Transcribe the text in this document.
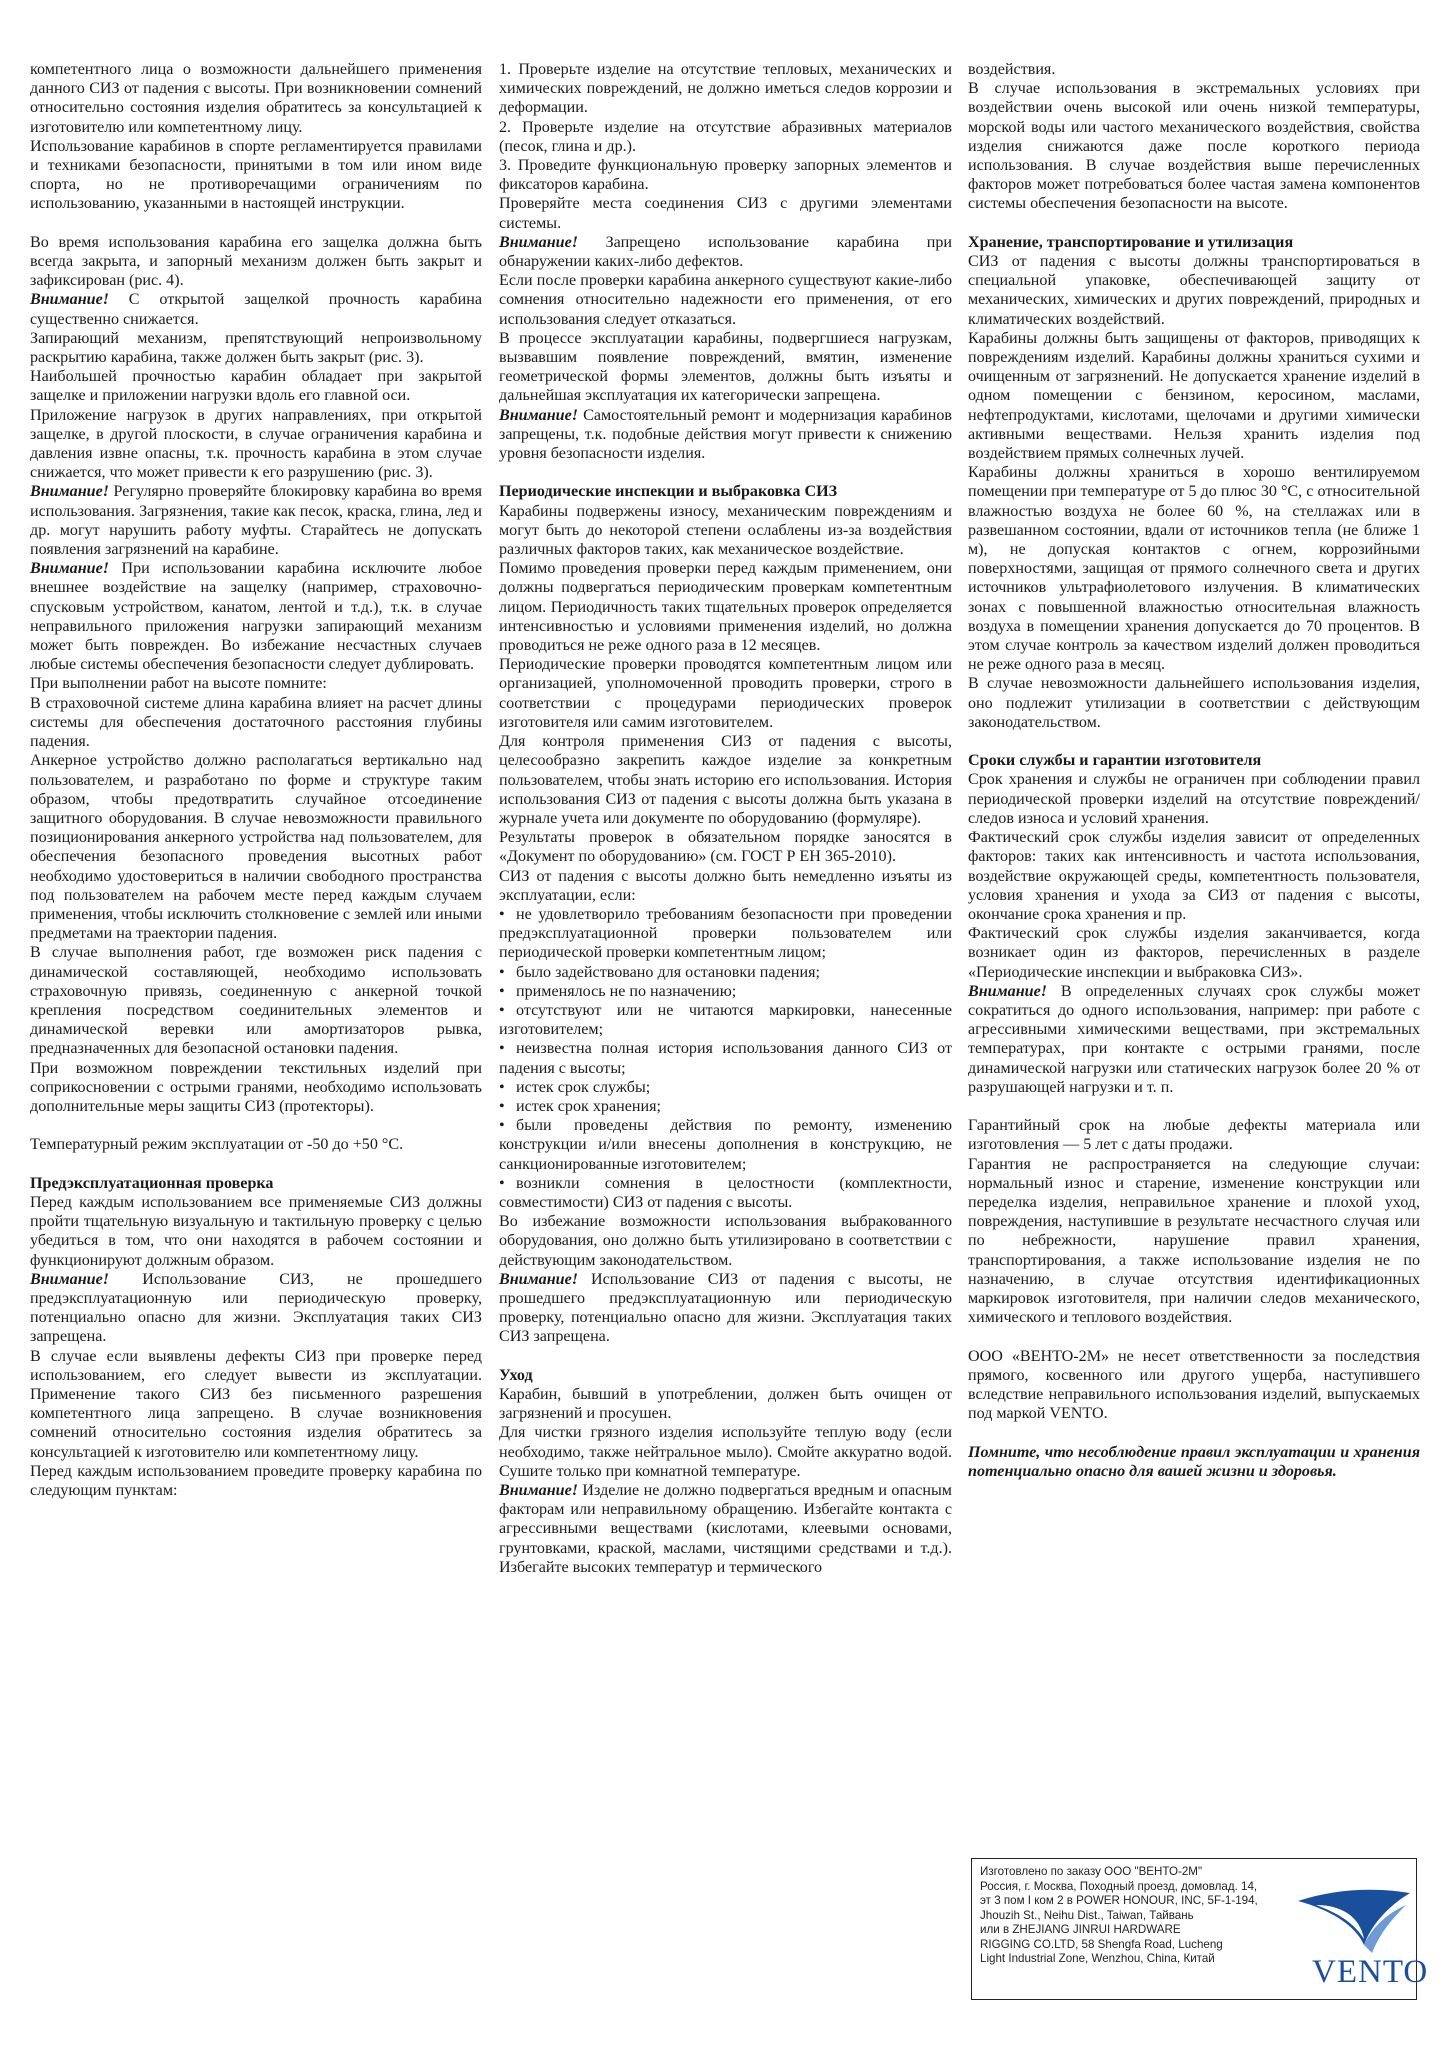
компетентного лица о возможности дальнейшего применения данного СИЗ от падения с высоты. При возникновении сомнений относительно состояния изделия обратитесь за консультацией к изготовителю или компетентному лицу.

Использование карабинов в спорте регламентируется правилами и техниками безопасности, принятыми в том или ином виде спорта, но не противоречащими ограничениям по использованию, указанными в настоящей инструкции.

Во время использования карабина его защелка должна быть всегда закрыта, и запорный механизм должен быть закрыт и зафиксирован (рис. 4).

Внимание! С открытой защелкой прочность карабина существенно снижается.

Запирающий механизм, препятствующий непроизвольному раскрытию карабина, также должен быть закрыт (рис. 3).

Наибольшей прочностью карабин обладает при закрытой защелке и приложении нагрузки вдоль его главной оси.

Приложение нагрузок в других направлениях, при открытой защелке, в другой плоскости, в случае ограничения карабина и давления извне опасны, т.к. прочность карабина в этом случае снижается, что может привести к его разрушению (рис. 3).

Внимание! Регулярно проверяйте блокировку карабина во время использования. Загрязнения, такие как песок, краска, глина, лед и др. могут нарушить работу муфты. Старайтесь не допускать появления загрязнений на карабине.

Внимание! При использовании карабина исключите любое внешнее воздействие на защелку (например, страховочно-спусковым устройством, канатом, лентой и т.д.), т.к. в случае неправильного приложения нагрузки запирающий механизм может быть поврежден. Во избежание несчастных случаев любые системы обеспечения безопасности следует дублировать.

При выполнении работ на высоте помните:

В страховочной системе длина карабина влияет на расчет длины системы для обеспечения достаточного расстояния глубины падения.

Анкерное устройство должно располагаться вертикально над пользователем, и разработано по форме и структуре таким образом, чтобы предотвратить случайное отсоединение защитного оборудования. В случае невозможности правильного позиционирования анкерного устройства над пользователем, для обеспечения безопасного проведения высотных работ необходимо удостовериться в наличии свободного пространства под пользователем на рабочем месте перед каждым случаем применения, чтобы исключить столкновение с землей или иными предметами на траектории падения.

В случае выполнения работ, где возможен риск падения с динамической составляющей, необходимо использовать страховочную привязь, соединенную с анкерной точкой крепления посредством соединительных элементов и динамической веревки или амортизаторов рывка, предназначенных для безопасной остановки падения.

При возможном повреждении текстильных изделий при соприкосновении с острыми гранями, необходимо использовать дополнительные меры защиты СИЗ (протекторы).

Температурный режим эксплуатации от -50 до +50 °С.

Предэксплуатационная проверка

Перед каждым использованием все применяемые СИЗ должны пройти тщательную визуальную и тактильную проверку с целью убедиться в том, что они находятся в рабочем состоянии и функционируют должным образом.

Внимание! Использование СИЗ, не прошедшего предэксплуатационную или периодическую проверку, потенциально опасно для жизни. Эксплуатация таких СИЗ запрещена.

В случае если выявлены дефекты СИЗ при проверке перед использованием, его следует вывести из эксплуатации. Применение такого СИЗ без письменного разрешения компетентного лица запрещено. В случае возникновения сомнений относительно состояния изделия обратитесь за консультацией к изготовителю или компетентному лицу.

Перед каждым использованием проведите проверку карабина по следующим пунктам:

1. Проверьте изделие на отсутствие тепловых, механических и химических повреждений, не должно иметься следов коррозии и деформации.

2. Проверьте изделие на отсутствие абразивных материалов (песок, глина и др.).

3. Проведите функциональную проверку запорных элементов и фиксаторов карабина.

Проверяйте места соединения СИЗ с другими элементами системы.

Внимание! Запрещено использование карабина при обнаружении каких-либо дефектов.

Если после проверки карабина анкерного существуют какие-либо сомнения относительно надежности его применения, от его использования следует отказаться.

В процессе эксплуатации карабины, подвергшиеся нагрузкам, вызвавшим появление повреждений, вмятин, изменение геометрической формы элементов, должны быть изъяты и дальнейшая эксплуатация их категорически запрещена.

Внимание! Самостоятельный ремонт и модернизация карабинов запрещены, т.к. подобные действия могут привести к снижению уровня безопасности изделия.

Периодические инспекции и выбраковка СИЗ

Карабины подвержены износу, механическим повреждениям и могут быть до некоторой степени ослаблены из-за воздействия различных факторов таких, как механическое воздействие.

Помимо проведения проверки перед каждым применением, они должны подвергаться периодическим проверкам компетентным лицом. Периодичность таких тщательных проверок определяется интенсивностью и условиями применения изделий, но должна проводиться не реже одного раза в 12 месяцев.

Периодические проверки проводятся компетентным лицом или организацией, уполномоченной проводить проверки, строго в соответствии с процедурами периодических проверок изготовителя или самим изготовителем.

Для контроля применения СИЗ от падения с высоты, целесообразно закрепить каждое изделие за конкретным пользователем, чтобы знать историю его использования. История использования СИЗ от падения с высоты должна быть указана в журнале учета или документе по оборудованию (формуляре).

Результаты проверок в обязательном порядке заносятся в «Документ по оборудованию» (см. ГОСТ Р ЕН 365-2010).

СИЗ от падения с высоты должно быть немедленно изъяты из эксплуатации, если:

• не удовлетворило требованиям безопасности при проведении предэксплуатационной проверки пользователем или периодической проверки компетентным лицом;
• было задействовано для остановки падения;
• применялось не по назначению;
• отсутствуют или не читаются маркировки, нанесенные изготовителем;
• неизвестна полная история использования данного СИЗ от падения с высоты;
• истек срок службы;
• истек срок хранения;
• были проведены действия по ремонту, изменению конструкции и/или внесены дополнения в конструкцию, не санкционированные изготовителем;
• возникли сомнения в целостности (комплектности, совместимости) СИЗ от падения с высоты.

Во избежание возможности использования выбракованного оборудования, оно должно быть утилизировано в соответствии с действующим законодательством.

Внимание! Использование СИЗ от падения с высоты, не прошедшего предэксплуатационную или периодическую проверку, потенциально опасно для жизни. Эксплуатация таких СИЗ запрещена.

Уход

Карабин, бывший в употреблении, должен быть очищен от загрязнений и просушен.

Для чистки грязного изделия используйте теплую воду (если необходимо, также нейтральное мыло). Смойте аккуратно водой. Сушите только при комнатной температуре.

Внимание! Изделие не должно подвергаться вредным и опасным факторам или неправильному обращению. Избегайте контакта с агрессивными веществами (кислотами, клеевыми основами, грунтовками, краской, маслами, чистящими средствами и т.д.). Избегайте высоких температур и термического

воздействия.

В случае использования в экстремальных условиях при воздействии очень высокой или очень низкой температуры, морской воды или частого механического воздействия, свойства изделия снижаются даже после короткого периода использования. В случае воздействия выше перечисленных факторов может потребоваться более частая замена компонентов системы обеспечения безопасности на высоте.

Хранение, транспортирование и утилизация

СИЗ от падения с высоты должны транспортироваться в специальной упаковке, обеспечивающей защиту от механических, химических и других повреждений, природных и климатических воздействий.

Карабины должны быть защищены от факторов, приводящих к повреждениям изделий. Карабины должны храниться сухими и очищенным от загрязнений. Не допускается хранение изделий в одном помещении с бензином, керосином, маслами, нефтепродуктами, кислотами, щелочами и другими химически активными веществами. Нельзя хранить изделия под воздействием прямых солнечных лучей.

Карабины должны храниться в хорошо вентилируемом помещении при температуре от 5 до плюс 30 °С, с относительной влажностью воздуха не более 60 %, на стеллажах или в развешанном состоянии, вдали от источников тепла (не ближе 1 м), не допуская контактов с огнем, коррозийными поверхностями, защищая от прямого солнечного света и других источников ультрафиолетового излучения. В климатических зонах с повышенной влажностью относительная влажность воздуха в помещении хранения допускается до 70 процентов. В этом случае контроль за качеством изделий должен проводиться не реже одного раза в месяц.

В случае невозможности дальнейшего использования изделия, оно подлежит утилизации в соответствии с действующим законодательством.

Сроки службы и гарантии изготовителя

Срок хранения и службы не ограничен при соблюдении правил периодической проверки изделий на отсутствие повреждений/ следов износа и условий хранения.

Фактический срок службы изделия зависит от определенных факторов: таких как интенсивность и частота использования, воздействие окружающей среды, компетентность пользователя, условия хранения и ухода за СИЗ от падения с высоты, окончание срока хранения и пр.

Фактический срок службы изделия заканчивается, когда возникает один из факторов, перечисленных в разделе «Периодические инспекции и выбраковка СИЗ».

Внимание! В определенных случаях срок службы может сократиться до одного использования, например: при работе с агрессивными химическими веществами, при экстремальных температурах, при контакте с острыми гранями, после динамической нагрузки или статических нагрузок более 20 % от разрушающей нагрузки и т. п.

Гарантийный срок на любые дефекты материала или изготовления — 5 лет с даты продажи.

Гарантия не распространяется на следующие случаи: нормальный износ и старение, изменение конструкции или переделка изделия, неправильное хранение и плохой уход, повреждения, наступившие в результате несчастного случая или по небрежности, нарушение правил хранения, транспортирования, а также использование изделия не по назначению, в случае отсутствия идентификационных маркировок изготовителя, при наличии следов механического, химического и теплового воздействия.

ООО «ВЕНТО-2М» не несет ответственности за последствия прямого, косвенного или другого ущерба, наступившего вследствие неправильного использования изделий, выпускаемых под маркой VENTO.

Помните, что несоблюдение правил эксплуатации и хранения потенциально опасно для вашей жизни и здоровья.

Изготовлено по заказу ООО "ВЕНТО-2М"
Россия, г. Москва, Походный проезд, домовлад. 14,
эт 3 пом I ком 2 в POWER HONOUR, INC, 5F-1-194,
Jhouzih St., Neihu Dist., Taiwan, Тайвань
или в ZHEJIANG JINRUI HARDWARE
RIGGING CO.LTD, 58 Shengfa Road, Lucheng
Light Industrial Zone, Wenzhou, China, Китай	VENTO
